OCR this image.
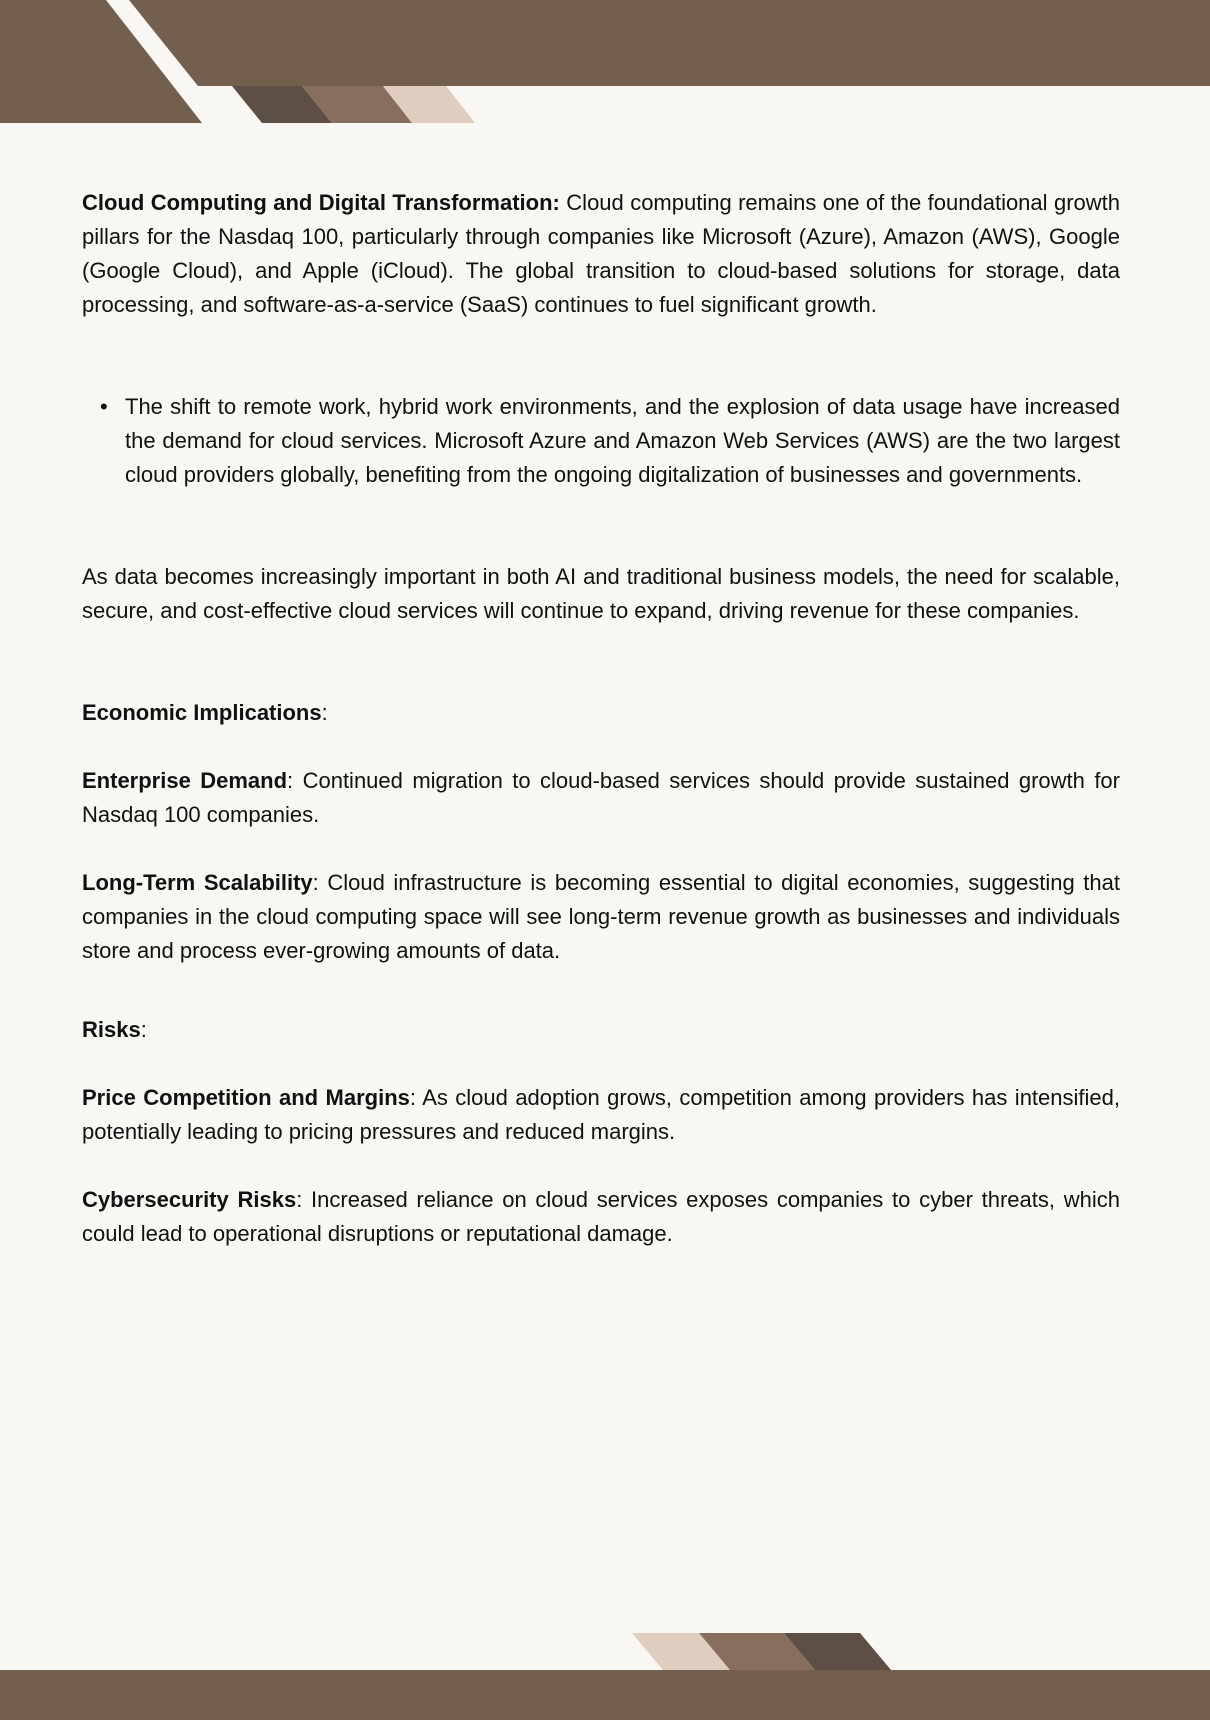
Cloud Computing and Digital Transformation: Cloud computing remains one of the foundational growth pillars for the Nasdaq 100, particularly through companies like Microsoft (Azure), Amazon (AWS), Google (Google Cloud), and Apple (iCloud). The global transition to cloud-based solutions for storage, data processing, and software-as-a-service (SaaS) continues to fuel significant growth.

• The shift to remote work, hybrid work environments, and the explosion of data usage have increased the demand for cloud services. Microsoft Azure and Amazon Web Services (AWS) are the two largest cloud providers globally, benefiting from the ongoing digitalization of businesses and governments.

As data becomes increasingly important in both AI and traditional business models, the need for scalable, secure, and cost-effective cloud services will continue to expand, driving revenue for these companies.

Economic Implications:

Enterprise Demand: Continued migration to cloud-based services should provide sustained growth for Nasdaq 100 companies.

Long-Term Scalability: Cloud infrastructure is becoming essential to digital economies, suggesting that companies in the cloud computing space will see long-term revenue growth as businesses and individuals store and process ever-growing amounts of data.

Risks:

Price Competition and Margins: As cloud adoption grows, competition among providers has intensified, potentially leading to pricing pressures and reduced margins.

Cybersecurity Risks: Increased reliance on cloud services exposes companies to cyber threats, which could lead to operational disruptions or reputational damage.
